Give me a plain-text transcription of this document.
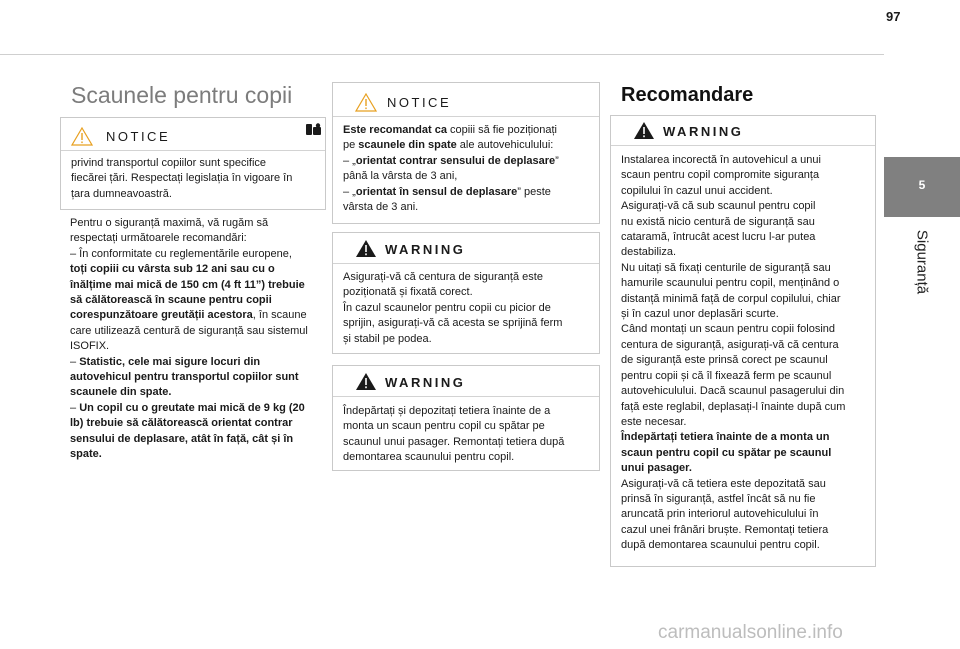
97
5
Siguranță
Scaunele pentru copii
NOTICE
privind transportul copiilor sunt specifice
fiecărei țări. Respectați legislația în vigoare în
țara dumneavoastră.
Pentru o siguranță maximă, vă rugăm să
respectați următoarele recomandări:
– În conformitate cu reglementările europene,
toți copiii cu vârsta sub 12 ani sau cu o
înălțime mai mică de 150 cm (4 ft 11”) trebuie
să călătorească în scaune pentru copii
corespunzătoare greutății acestora, în scaune
care utilizează centură de siguranță sau sistemul
ISOFIX.
– Statistic, cele mai sigure locuri din
autovehicul pentru transportul copiilor sunt
scaunele din spate.
– Un copil cu o greutate mai mică de 9 kg (20
lb) trebuie să călătorească orientat contrar
sensului de deplasare, atât în față, cât și în
spate.
NOTICE
Este recomandat ca copiii să fie poziționați
pe scaunele din spate ale autovehiculului:
– „orientat contrar sensului de deplasare”
până la vârsta de 3 ani,
– „orientat în sensul de deplasare” peste
vârsta de 3 ani.
WARNING
Asigurați-vă că centura de siguranță este
poziționată și fixată corect.
În cazul scaunelor pentru copii cu picior de
sprijin, asigurați-vă că acesta se sprijină ferm
și stabil pe podea.
WARNING
Îndepărtați și depozitați tetiera înainte de a
monta un scaun pentru copil cu spătar pe
scaunul unui pasager. Remontați tetiera după
demontarea scaunului pentru copil.
Recomandare
WARNING
Instalarea incorectă în autovehicul a unui
scaun pentru copil compromite siguranța
copilului în cazul unui accident.
Asigurați-vă că sub scaunul pentru copil
nu există nicio centură de siguranță sau
cataramă, întrucât acest lucru l-ar putea
destabiliza.
Nu uitați să fixați centurile de siguranță sau
hamurile scaunului pentru copil, menținând o
distanță minimă față de corpul copilului, chiar
și în cazul unor deplasări scurte.
Când montați un scaun pentru copii folosind
centura de siguranță, asigurați-vă că centura
de siguranță este prinsă corect pe scaunul
pentru copii și că îl fixează ferm pe scaunul
autovehiculului. Dacă scaunul pasagerului din
față este reglabil, deplasați-l înainte după cum
este necesar.
Îndepărtați tetiera înainte de a monta un
scaun pentru copil cu spătar pe scaunul
unui pasager.
Asigurați-vă că tetiera este depozitată sau
prinsă în siguranță, astfel încât să nu fie
aruncată prin interiorul autovehiculului în
cazul unei frânări bruște. Remontați tetiera
după demontarea scaunului pentru copil.
carmanualsonline.info
